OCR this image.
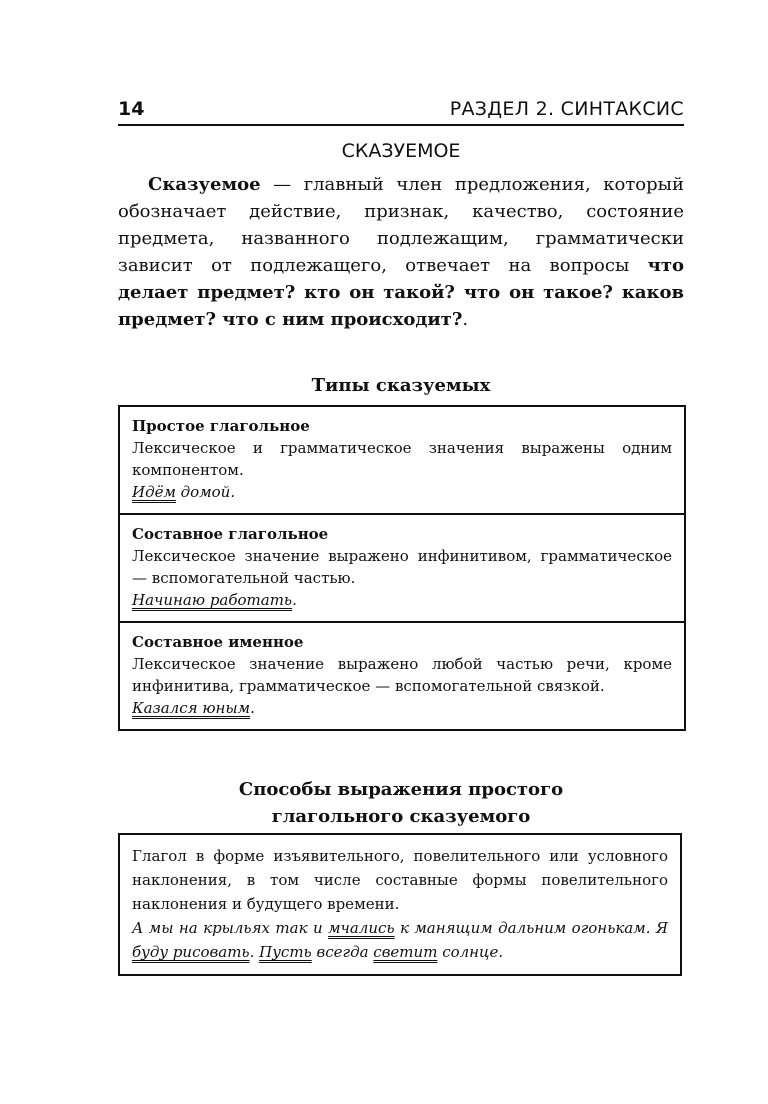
14	РАЗДЕЛ 2. СИНТАКСИС
СКАЗУЕМОЕ

Сказуемое — главный член предложения, который обозначает действие, признак, качество, состояние предмета, названного подлежащим, грамматически зависит от подлежащего, отвечает на вопросы что делает предмет? кто он такой? что он такое? каков предмет? что с ним происходит?.

Типы сказуемых
Простое глагольное
Лексическое и грамматическое значения выражены одним компонентом.
Идём домой.
Составное глагольное
Лексическое значение выражено инфинитивом, грамматическое — вспомогательной частью.
Начинаю работать.
Составное именное
Лексическое значение выражено любой частью речи, кроме инфинитива, грамматическое — вспомогательной связкой.
Казался юным.
Способы выражения простого
глагольного сказуемого
Глагол в форме изъявительного, повелительного или условного наклонения, в том числе составные формы повелительного наклонения и будущего времени.
А мы на крыльях так и мчались к манящим дальним огонькам. Я буду рисовать. Пусть всегда светит солнце.
